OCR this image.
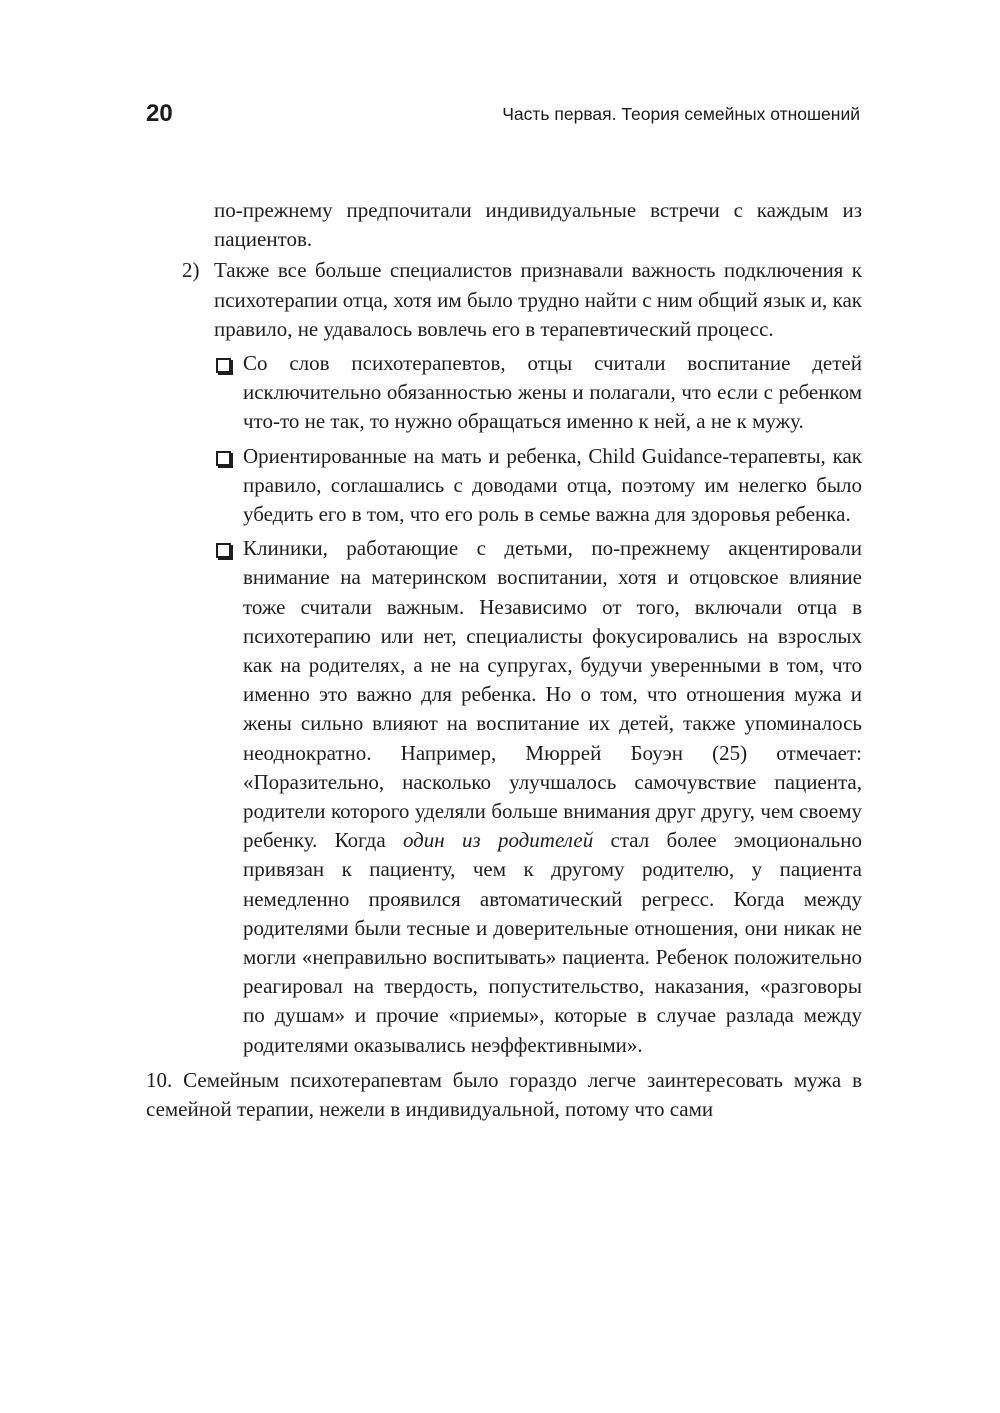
20	Часть первая. Теория семейных отношений

по-прежнему предпочитали индивидуальные встречи с каждым из пациентов.

2) Также все больше специалистов признавали важность подключения к психотерапии отца, хотя им было трудно найти с ним общий язык и, как правило, не удавалось вовлечь его в терапевтический процесс.
Со слов психотерапевтов, отцы считали воспитание детей исключительно обязанностью жены и полагали, что если с ребенком что-то не так, то нужно обращаться именно к ней, а не к мужу.
Ориентированные на мать и ребенка, Child Guidance-терапевты, как правило, соглашались с доводами отца, поэтому им нелегко было убедить его в том, что его роль в семье важна для здоровья ребенка.
Клиники, работающие с детьми, по-прежнему акцентировали внимание на материнском воспитании, хотя и отцовское влияние тоже считали важным. Независимо от того, включали отца в психотерапию или нет, специалисты фокусировались на взрослых как на родителях, а не на супругах, будучи уверенными в том, что именно это важно для ребенка. Но о том, что отношения мужа и жены сильно влияют на воспитание их детей, также упоминалось неоднократно. Например, Мюррей Боуэн (25) отмечает: «Поразительно, насколько улучшалось самочувствие пациента, родители которого уделяли больше внимания друг другу, чем своему ребенку. Когда один из родителей стал более эмоционально привязан к пациенту, чем к другому родителю, у пациента немедленно проявился автоматический регресс. Когда между родителями были тесные и доверительные отношения, они никак не могли «неправильно воспитывать» пациента. Ребенок положительно реагировал на твердость, попустительство, наказания, «разговоры по душам» и прочие «приемы», которые в случае разлада между родителями оказывались неэффективными».

10. Семейным психотерапевтам было гораздо легче заинтересовать мужа в семейной терапии, нежели в индивидуальной, потому что сами
